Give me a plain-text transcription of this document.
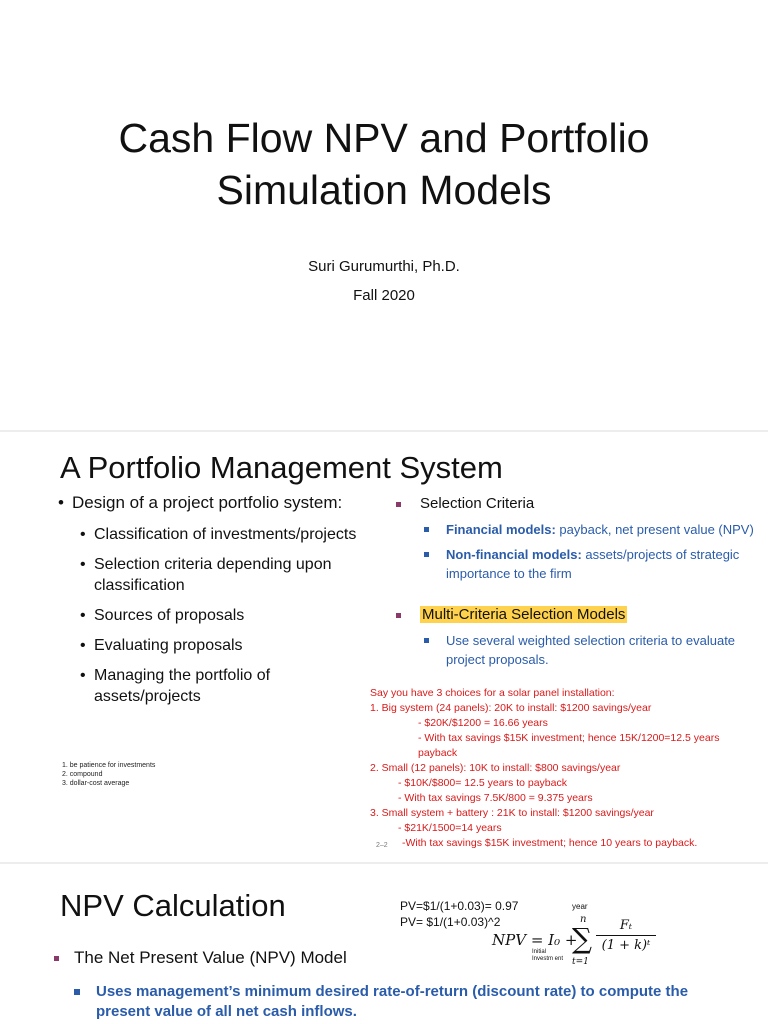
Cash Flow NPV and Portfolio
Simulation Models
Suri Gurumurthi, Ph.D.
Fall 2020
A Portfolio Management System
• Design of a project portfolio system:
• Classification of investments/projects
• Selection criteria depending upon classification
• Sources of proposals
• Evaluating proposals
• Managing the portfolio of assets/projects
1. be patience for investments
2. compound
3. dollar-cost average
Selection Criteria
Financial models: payback, net present value (NPV)
Non-financial models: assets/projects of strategic importance to the firm
Multi-Criteria Selection Models
Use several weighted selection criteria to evaluate project proposals.
Say you have 3 choices for a solar panel installation:
1. Big system (24 panels): 20K to install: $1200 savings/year
- $20K/$1200 = 16.66 years
- With tax savings $15K investment; hence 15K/1200=12.5 years
payback
2. Small (12 panels): 10K to install: $800 savings/year
- $10K/$800= 12.5 years to payback
- With tax savings 7.5K/800 = 9.375 years
3. Small system + battery : 21K to install: $1200 savings/year
- $21K/1500=14 years
-With tax savings $15K investment; hence 10 years to payback.
2–2
NPV Calculation	PV=$1/(1+0.03)= 0.97
PV= $1/(1+0.03)^2
year
n
NPV = I₀ +
∑
t=1
Fₜ
(1 + k)ᵗ
Initial Investm ent
The Net Present Value (NPV) Model
Uses management’s minimum desired rate-of-return (discount rate) to compute the present value of all net cash inflows.
